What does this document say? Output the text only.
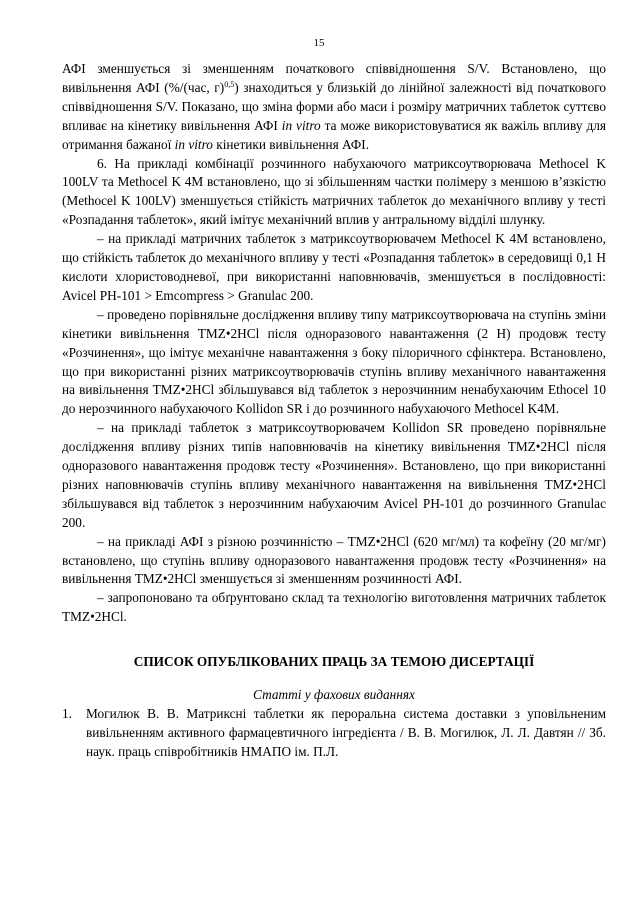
15

АФІ зменшується зі зменшенням початкового співвідношення S/V. Встановлено, що вивільнення АФІ (%/(час, г)$^{0,5}$) знаходиться у близькій до лінійної залежності від початкового співвідношення S/V. Показано, що зміна форми або маси і розміру матричних таблеток суттєво впливає на кінетику вивільнення АФІ in vitro та може використовуватися як важіль впливу для отримання бажаної in vitro кінетики вивільнення АФІ.

6. На прикладі комбінації розчинного набухаючого матриксоутворювача Methocel K 100LV та Methocel K 4M встановлено, що зі збільшенням частки полімеру з меншою в’язкістю (Methocel K 100LV) зменшується стійкість матричних таблеток до механічного впливу у тесті «Розпадання таблеток», який імітує механічний вплив у антральному відділі шлунку.

– на прикладі матричних таблеток з матриксоутворювачем Methocel K 4M встановлено, що стійкість таблеток до механічного впливу у тесті «Розпадання таблеток» в середовищі 0,1 Н кислоти хлористоводневої, при використанні наповнювачів, зменшується в послідовності: Avicel PH-101 > Emcompress > Granulac 200.

– проведено порівняльне дослідження впливу типу матриксоутворювача на ступінь зміни кінетики вивільнення TMZ•2HCl після одноразового навантаження (2 Н) продовж тесту «Розчинення», що імітує механічне навантаження з боку пілоричного сфінктера. Встановлено, що при використанні різних матриксоутворювачів ступінь впливу механічного навантаження на вивільнення TMZ•2HCl збільшувався від таблеток з нерозчинним ненабухаючим Ethocel 10 до нерозчинного набухаючого Kollidon SR і до розчинного набухаючого Methocel K4M.

– на прикладі таблеток з матриксоутворювачем Kollidon SR проведено порівняльне дослідження впливу різних типів наповнювачів на кінетику вивільнення TMZ•2HCl після одноразового навантаження продовж тесту «Розчинення». Встановлено, що при використанні різних наповнювачів ступінь впливу механічного навантаження на вивільнення TMZ•2HCl збільшувався від таблеток з нерозчинним набухаючим Avicel PH-101 до розчинного Granulac 200.

– на прикладі АФІ з різною розчинністю – TMZ•2HCl (620 мг/мл) та кофеїну (20 мг/мг) встановлено, що ступінь впливу одноразового навантаження продовж тесту «Розчинення» на вивільнення TMZ•2HCl зменшується зі зменшенням розчинності АФІ.

– запропоновано та обґрунтовано склад та технологію виготовлення матричних таблеток TMZ•2HCl.

СПИСОК ОПУБЛІКОВАНИХ ПРАЦЬ ЗА ТЕМОЮ ДИСЕРТАЦІЇ

Статті у фахових виданнях

1. Могилюк В. В. Матриксні таблетки як пероральна система доставки з уповільненим вивільненням активного фармацевтичного інгредієнта / В. В. Могилюк, Л. Л. Давтян // Зб. наук. праць співробітників НМАПО ім. П.Л.
